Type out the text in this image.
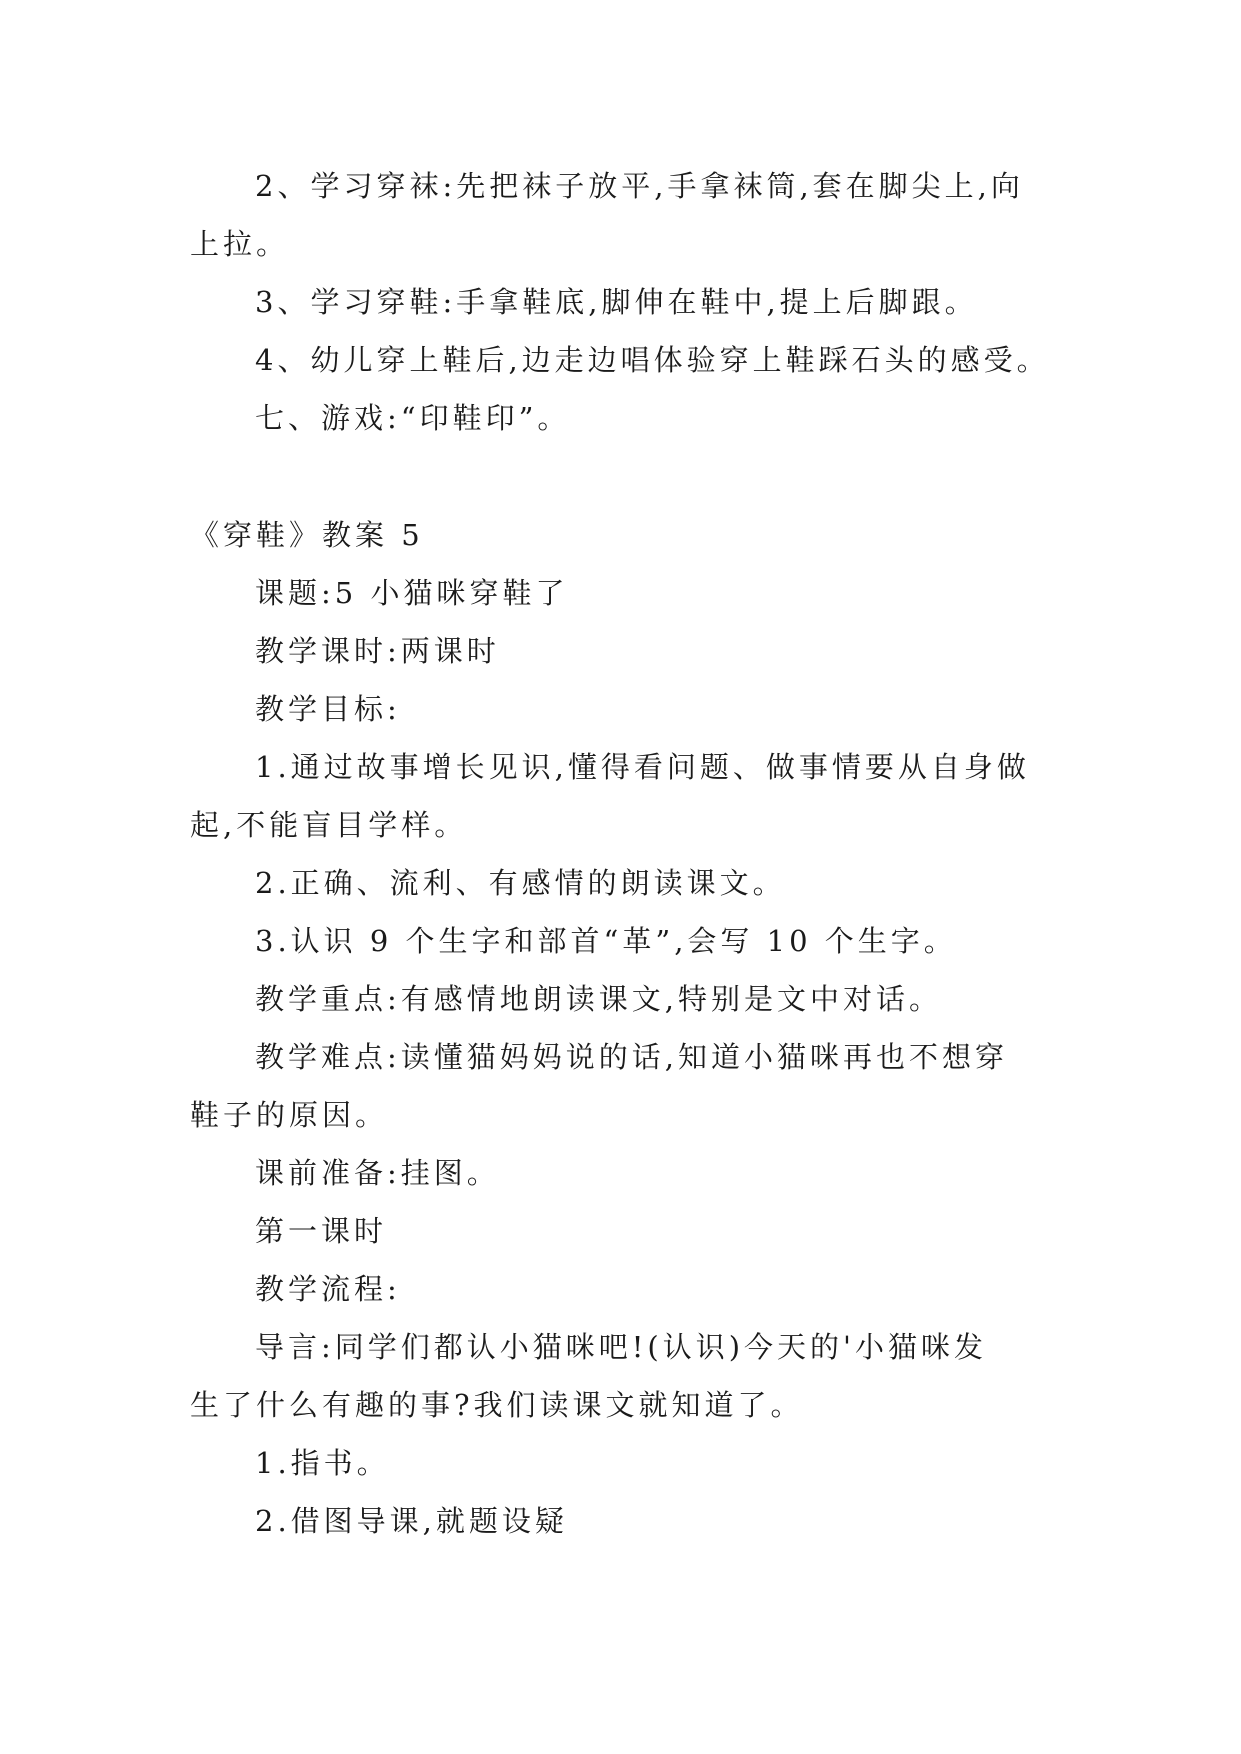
2、学习穿袜:先把袜子放平,手拿袜筒,套在脚尖上,向
上拉。
3、学习穿鞋:手拿鞋底,脚伸在鞋中,提上后脚跟。
4、幼儿穿上鞋后,边走边唱体验穿上鞋踩石头的感受。
七、游戏:“印鞋印”。
《穿鞋》教案 5
课题:5 小猫咪穿鞋了
教学课时:两课时
教学目标:
1.通过故事增长见识,懂得看问题、做事情要从自身做
起,不能盲目学样。
2.正确、流利、有感情的朗读课文。
3.认识 9 个生字和部首“革”,会写 10 个生字。
教学重点:有感情地朗读课文,特别是文中对话。
教学难点:读懂猫妈妈说的话,知道小猫咪再也不想穿
鞋子的原因。
课前准备:挂图。
第一课时
教学流程:
导言:同学们都认小猫咪吧!(认识)今天的'小猫咪发
生了什么有趣的事?我们读课文就知道了。
1.指书。
2.借图导课,就题设疑
